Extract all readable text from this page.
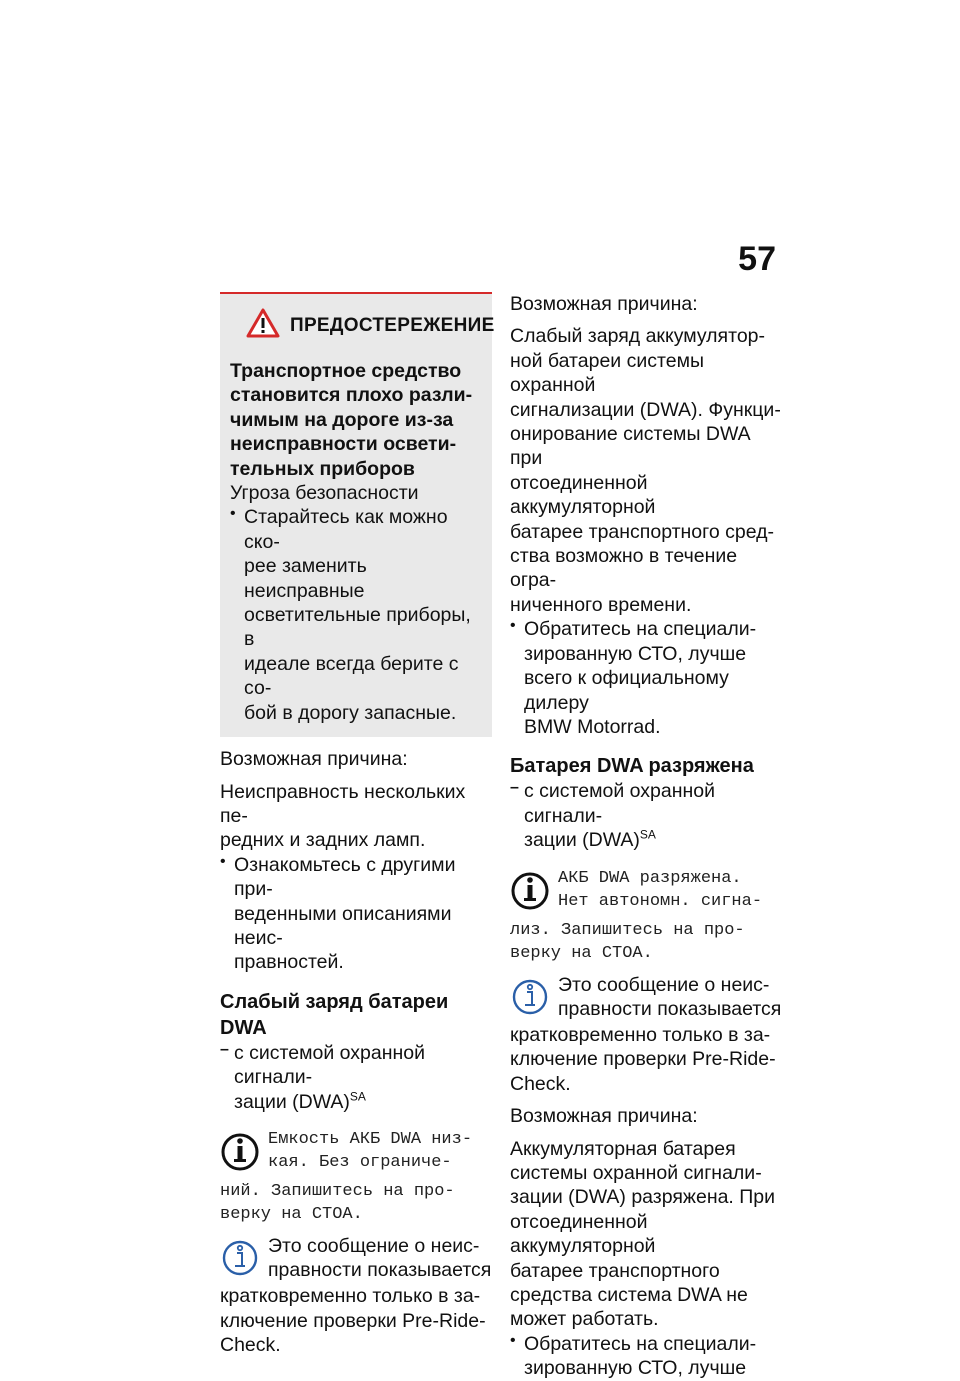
57
ПРЕДОСТЕРЕЖЕНИЕ
Транспортное средство
становится плохо разли-
чимым на дороге из-за
неисправности освети-
тельных приборов

Угроза безопасности

• Старайтесь как можно ско-

рее заменить неисправные

осветительные приборы, в

идеале всегда берите с со-

бой в дорогу запасные.

Возможная причина:

Неисправность нескольких пе-

редних и задних ламп.

• Ознакомьтесь с другими при-

веденными описаниями неис-

правностей.

Слабый заряд батареи DWA
– с системой охранной сигнали-

зации (DWA)$^{SA}$

Емкость АКБ DWA низ-
кая. Без ограниче-
ний. Запишитесь на про-
верку на СТОА.

Это сообщение о неис-

правности показывается

кратковременно только в за-

ключение проверки Pre-Ride-

Check.

Возможная причина:

Слабый заряд аккумулятор-

ной батареи системы охранной

сигнализации (DWA). Функци-

онирование системы DWA при

отсоединенной аккумуляторной

батарее транспортного сред-

ства возможно в течение огра-

ниченного времени.

• Обратитесь на специали-

зированную СТО, лучше

всего к официальному дилеру

BMW Motorrad.

Батарея DWA разряжена
– с системой охранной сигнали-

зации (DWA)$^{SA}$

АКБ DWA разряжена.
Нет автономн. сигна-
лиз. Запишитесь на про-
верку на СТОА.

Это сообщение о неис-

правности показывается

кратковременно только в за-

ключение проверки Pre-Ride-

Check.

Возможная причина:

Аккумуляторная батарея

системы охранной сигнали-

зации (DWA) разряжена. При

отсоединенной аккумуляторной

батарее транспортного

средства система DWA не

может работать.

• Обратитесь на специали-

зированную СТО, лучше
